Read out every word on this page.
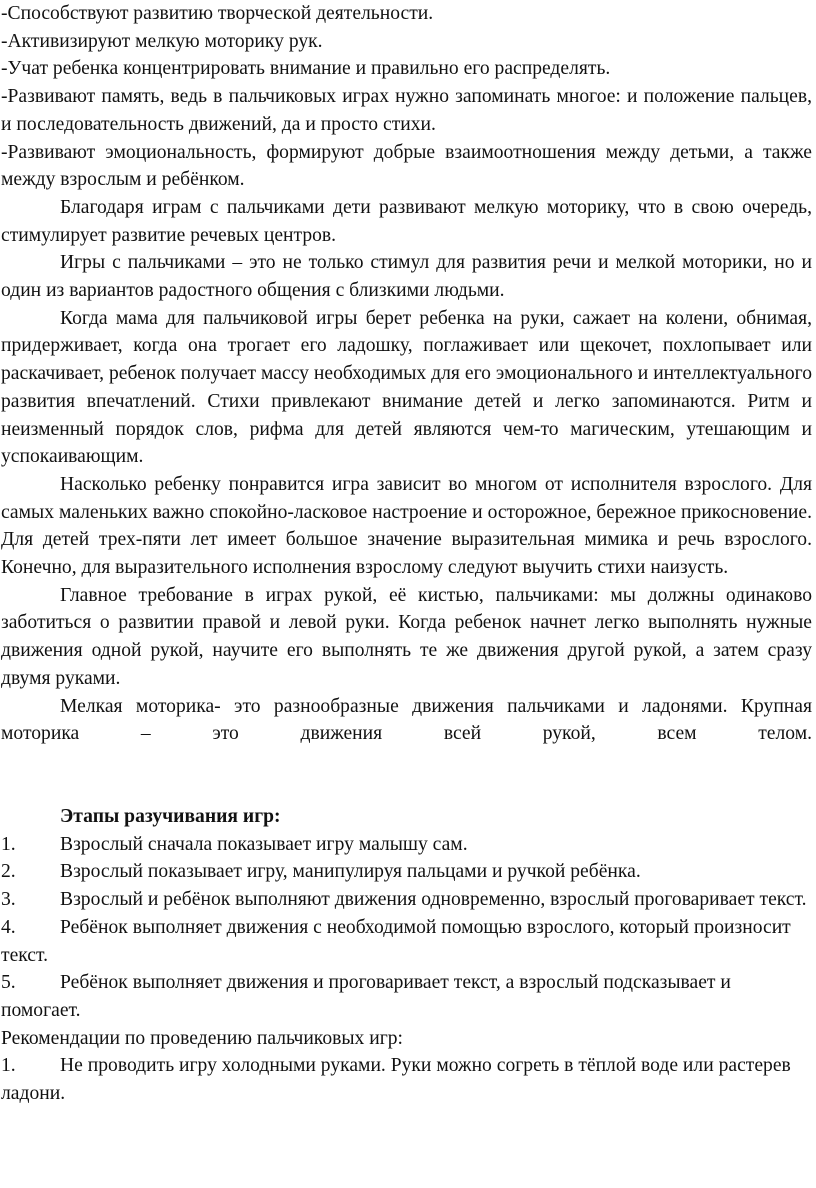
-Способствуют развитию творческой деятельности.

-Активизируют мелкую моторику рук.

-Учат ребенка концентрировать внимание и правильно его распределять.

-Развивают память, ведь в пальчиковых играх нужно запоминать многое: и положение пальцев, и последовательность движений, да и просто стихи.

-Развивают эмоциональность, формируют добрые взаимоотношения между детьми, а также между взрослым и ребёнком.

Благодаря играм с пальчиками дети развивают мелкую моторику, что в свою очередь, стимулирует развитие речевых центров.

Игры с пальчиками – это не только стимул для развития речи и мелкой моторики, но и один из вариантов радостного общения с близкими людьми.

Когда мама для пальчиковой игры берет ребенка на руки, сажает на колени, обнимая, придерживает, когда она трогает его ладошку, поглаживает или щекочет, похлопывает или раскачивает, ребенок получает массу необходимых для его эмоционального и интеллектуального развития впечатлений. Стихи привлекают внимание детей и легко запоминаются. Ритм и неизменный порядок слов, рифма для детей являются чем-то магическим, утешающим и успокаивающим.

Насколько ребенку понравится игра зависит во многом от исполнителя взрослого. Для самых маленьких важно спокойно-ласковое настроение и осторожное, бережное прикосновение. Для детей трех-пяти лет имеет большое значение выразительная мимика и речь взрослого. Конечно, для выразительного исполнения взрослому следуют выучить стихи наизусть.

Главное требование в играх рукой, её кистью, пальчиками: мы должны одинаково заботиться о развитии правой и левой руки. Когда ребенок начнет легко выполнять нужные движения одной рукой, научите его выполнять те же движения другой рукой, а затем сразу двумя руками.

Мелкая моторика- это разнообразные движения пальчиками и ладонями. Крупная моторика – это движения всей рукой, всем телом.

Этапы разучивания игр:

1. Взрослый сначала показывает игру малышу сам.
2. Взрослый показывает игру, манипулируя пальцами и ручкой ребёнка.
3. Взрослый и ребёнок выполняют движения одновременно, взрослый проговаривает текст.
4. Ребёнок выполняет движения с необходимой помощью взрослого, который произносит текст.
5. Ребёнок выполняет движения и проговаривает текст, а взрослый подсказывает и помогает.

Рекомендации по проведению пальчиковых игр:

1. Не проводить игру холодными руками. Руки можно согреть в тёплой воде или растерев ладони.
